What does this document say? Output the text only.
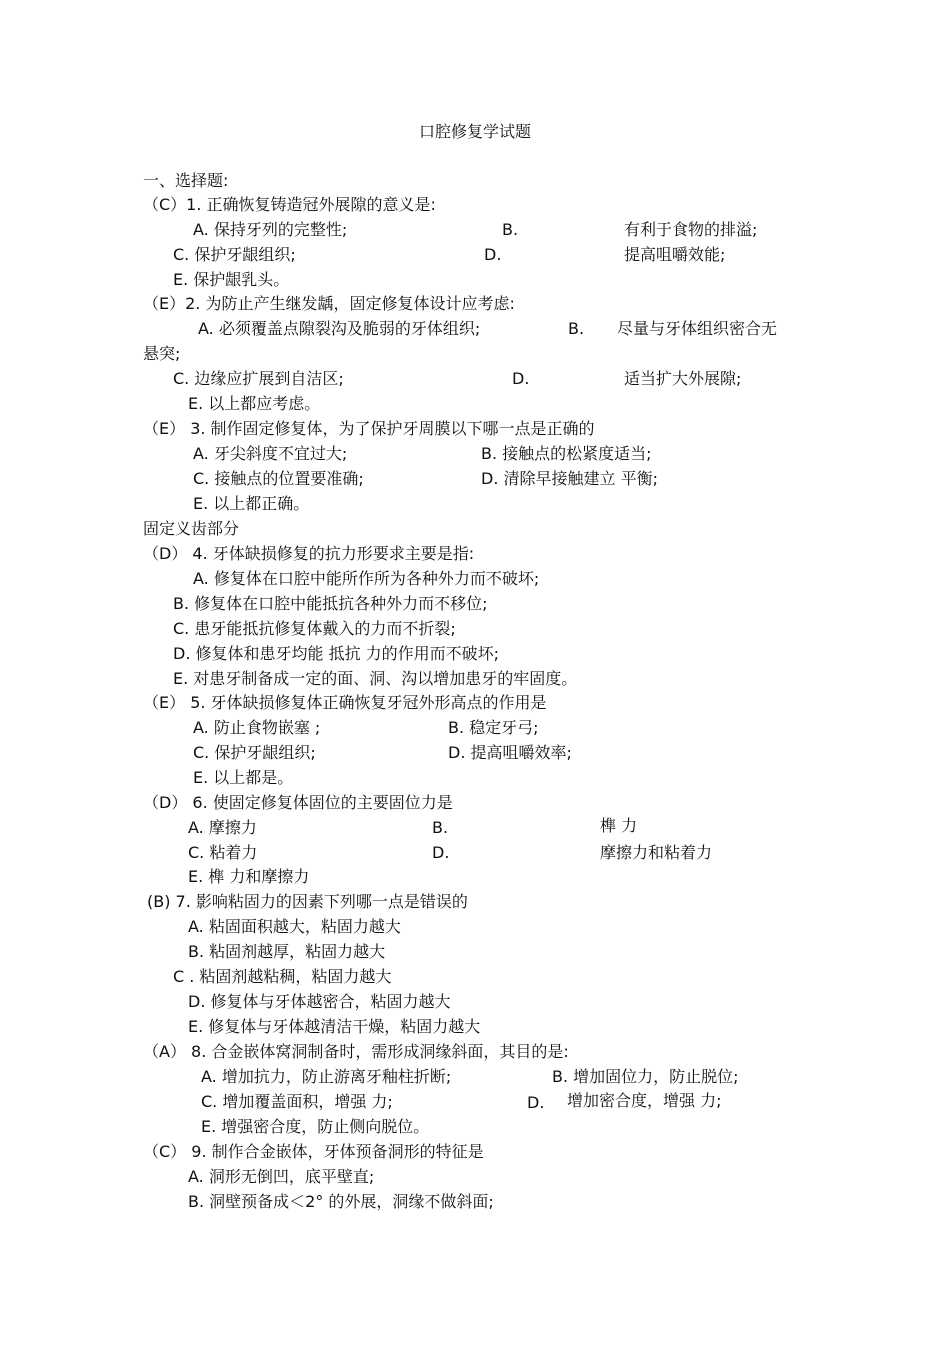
口腔修复学试题
一、选择题:
（C）1. 正确恢复铸造冠外展隙的意义是:
A. 保持牙列的完整性;	B.	有利于食物的排溢;
C. 保护牙龈组织;	D.	提高咀嚼效能;
E. 保护龈乳头。
（E）2. 为防止产生继发龋，固定修复体设计应考虑:
A. 必须覆盖点隙裂沟及脆弱的牙体组织;	B. 尽量与牙体组织密合无
悬突;
C. 边缘应扩展到自洁区;	D.	适当扩大外展隙;
E. 以上都应考虑。
（E） 3. 制作固定修复体，为了保护牙周膜以下哪一点是正确的
A. 牙尖斜度不宜过大;	B. 接触点的松紧度适当;
C. 接触点的位置要准确;	D. 清除早接触建立 平衡;
E. 以上都正确。
固定义齿部分
（D） 4. 牙体缺损修复的抗力形要求主要是指:
A. 修复体在口腔中能所作所为各种外力而不破坏;
B. 修复体在口腔中能抵抗各种外力而不移位;
C. 患牙能抵抗修复体戴入的力而不折裂;
D. 修复体和患牙均能 抵抗 力的作用而不破坏;
E. 对患牙制备成一定的面、洞、沟以增加患牙的牢固度。
（E） 5. 牙体缺损修复体正确恢复牙冠外形高点的作用是
A. 防止食物嵌塞 ;	B. 稳定牙弓;
C. 保护牙龈组织;	D. 提高咀嚼效率;
E. 以上都是。
（D） 6. 使固定修复体固位的主要固位力是
A. 摩擦力	B.	榫 力
C. 粘着力	D.	摩擦力和粘着力
E. 榫 力和摩擦力
(B) 7. 影响粘固力的因素下列哪一点是错误的
A. 粘固面积越大，粘固力越大
B. 粘固剂越厚，粘固力越大
C . 粘固剂越粘稠，粘固力越大
D. 修复体与牙体越密合，粘固力越大
E. 修复体与牙体越清洁干燥，粘固力越大
（A） 8. 合金嵌体窝洞制备时，需形成洞缘斜面，其目的是:
A. 增加抗力，防止游离牙釉柱折断;	B. 增加固位力，防止脱位;
C. 增加覆盖面积，增强 力;	D. 增加密合度，增强 力;
E. 增强密合度，防止侧向脱位。
（C） 9. 制作合金嵌体，牙体预备洞形的特征是
A. 洞形无倒凹，底平壁直;
B. 洞壁预备成＜2° 的外展，洞缘不做斜面;
